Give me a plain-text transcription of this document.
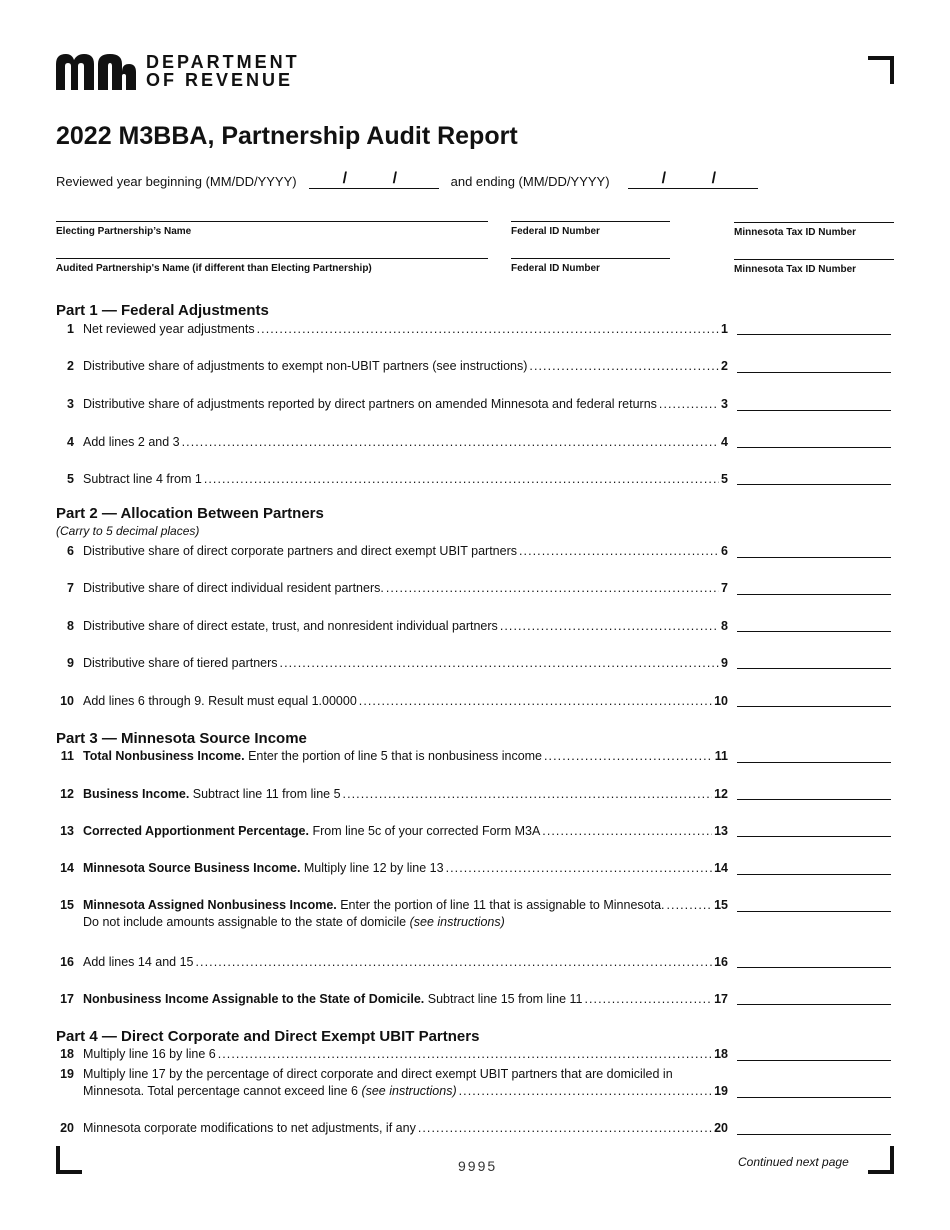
DEPARTMENT
OF REVENUE
2022 M3BBA, Partnership Audit Report
Reviewed year beginning (MM/DD/YYYY)	/	/	and ending (MM/DD/YYYY)	/	/
Electing Partnership’s Name	Federal ID Number	Minnesota Tax ID Number
Audited Partnership's Name (if different than Electing Partnership)	Federal ID Number	Minnesota Tax ID Number
Part 1 — Federal Adjustments
1 Net reviewed year adjustments . . .	1
2 Distributive share of adjustments to exempt non-UBIT partners (see instructions) . . .	2
3 Distributive share of adjustments reported by direct partners on amended Minnesota and federal returns . . .	3
4 Add lines 2 and 3 . . .	4
5 Subtract line 4 from 1 . . .	5
Part 2 — Allocation Between Partners
(Carry to 5 decimal places)
6 Distributive share of direct corporate partners and direct exempt UBIT partners . . .	6
7 Distributive share of direct individual resident partners. . . .	7
8 Distributive share of direct estate, trust, and nonresident individual partners . . .	8
9 Distributive share of tiered partners . . .	9
10 Add lines 6 through 9. Result must equal 1.00000 . . .	10
Part 3 — Minnesota Source Income
11 Total Nonbusiness Income. Enter the portion of line 5 that is nonbusiness income . . .	11
12 Business Income. Subtract line 11 from line 5 . . .	12
13 Corrected Apportionment Percentage. From line 5c of your corrected Form M3A . . .	13
14 Minnesota Source Business Income. Multiply line 12 by line 13 . . .	14
15 Minnesota Assigned Nonbusiness Income. Enter the portion of line 11 that is assignable to Minnesota. . . .	15
Do not include amounts assignable to the state of domicile (see instructions)
16 Add lines 14 and 15 . . .	16
17 Nonbusiness Income Assignable to the State of Domicile. Subtract line 15 from line 11 . . .	17
Part 4 — Direct Corporate and Direct Exempt UBIT Partners
18 Multiply line 16 by line 6 . . .	18
19 Multiply line 17 by the percentage of direct corporate and direct exempt UBIT partners that are domiciled in
Minnesota. Total percentage cannot exceed line 6 (see instructions) . . .	19
20 Minnesota corporate modifications to net adjustments, if any . . .	20
9995	Continued next page
